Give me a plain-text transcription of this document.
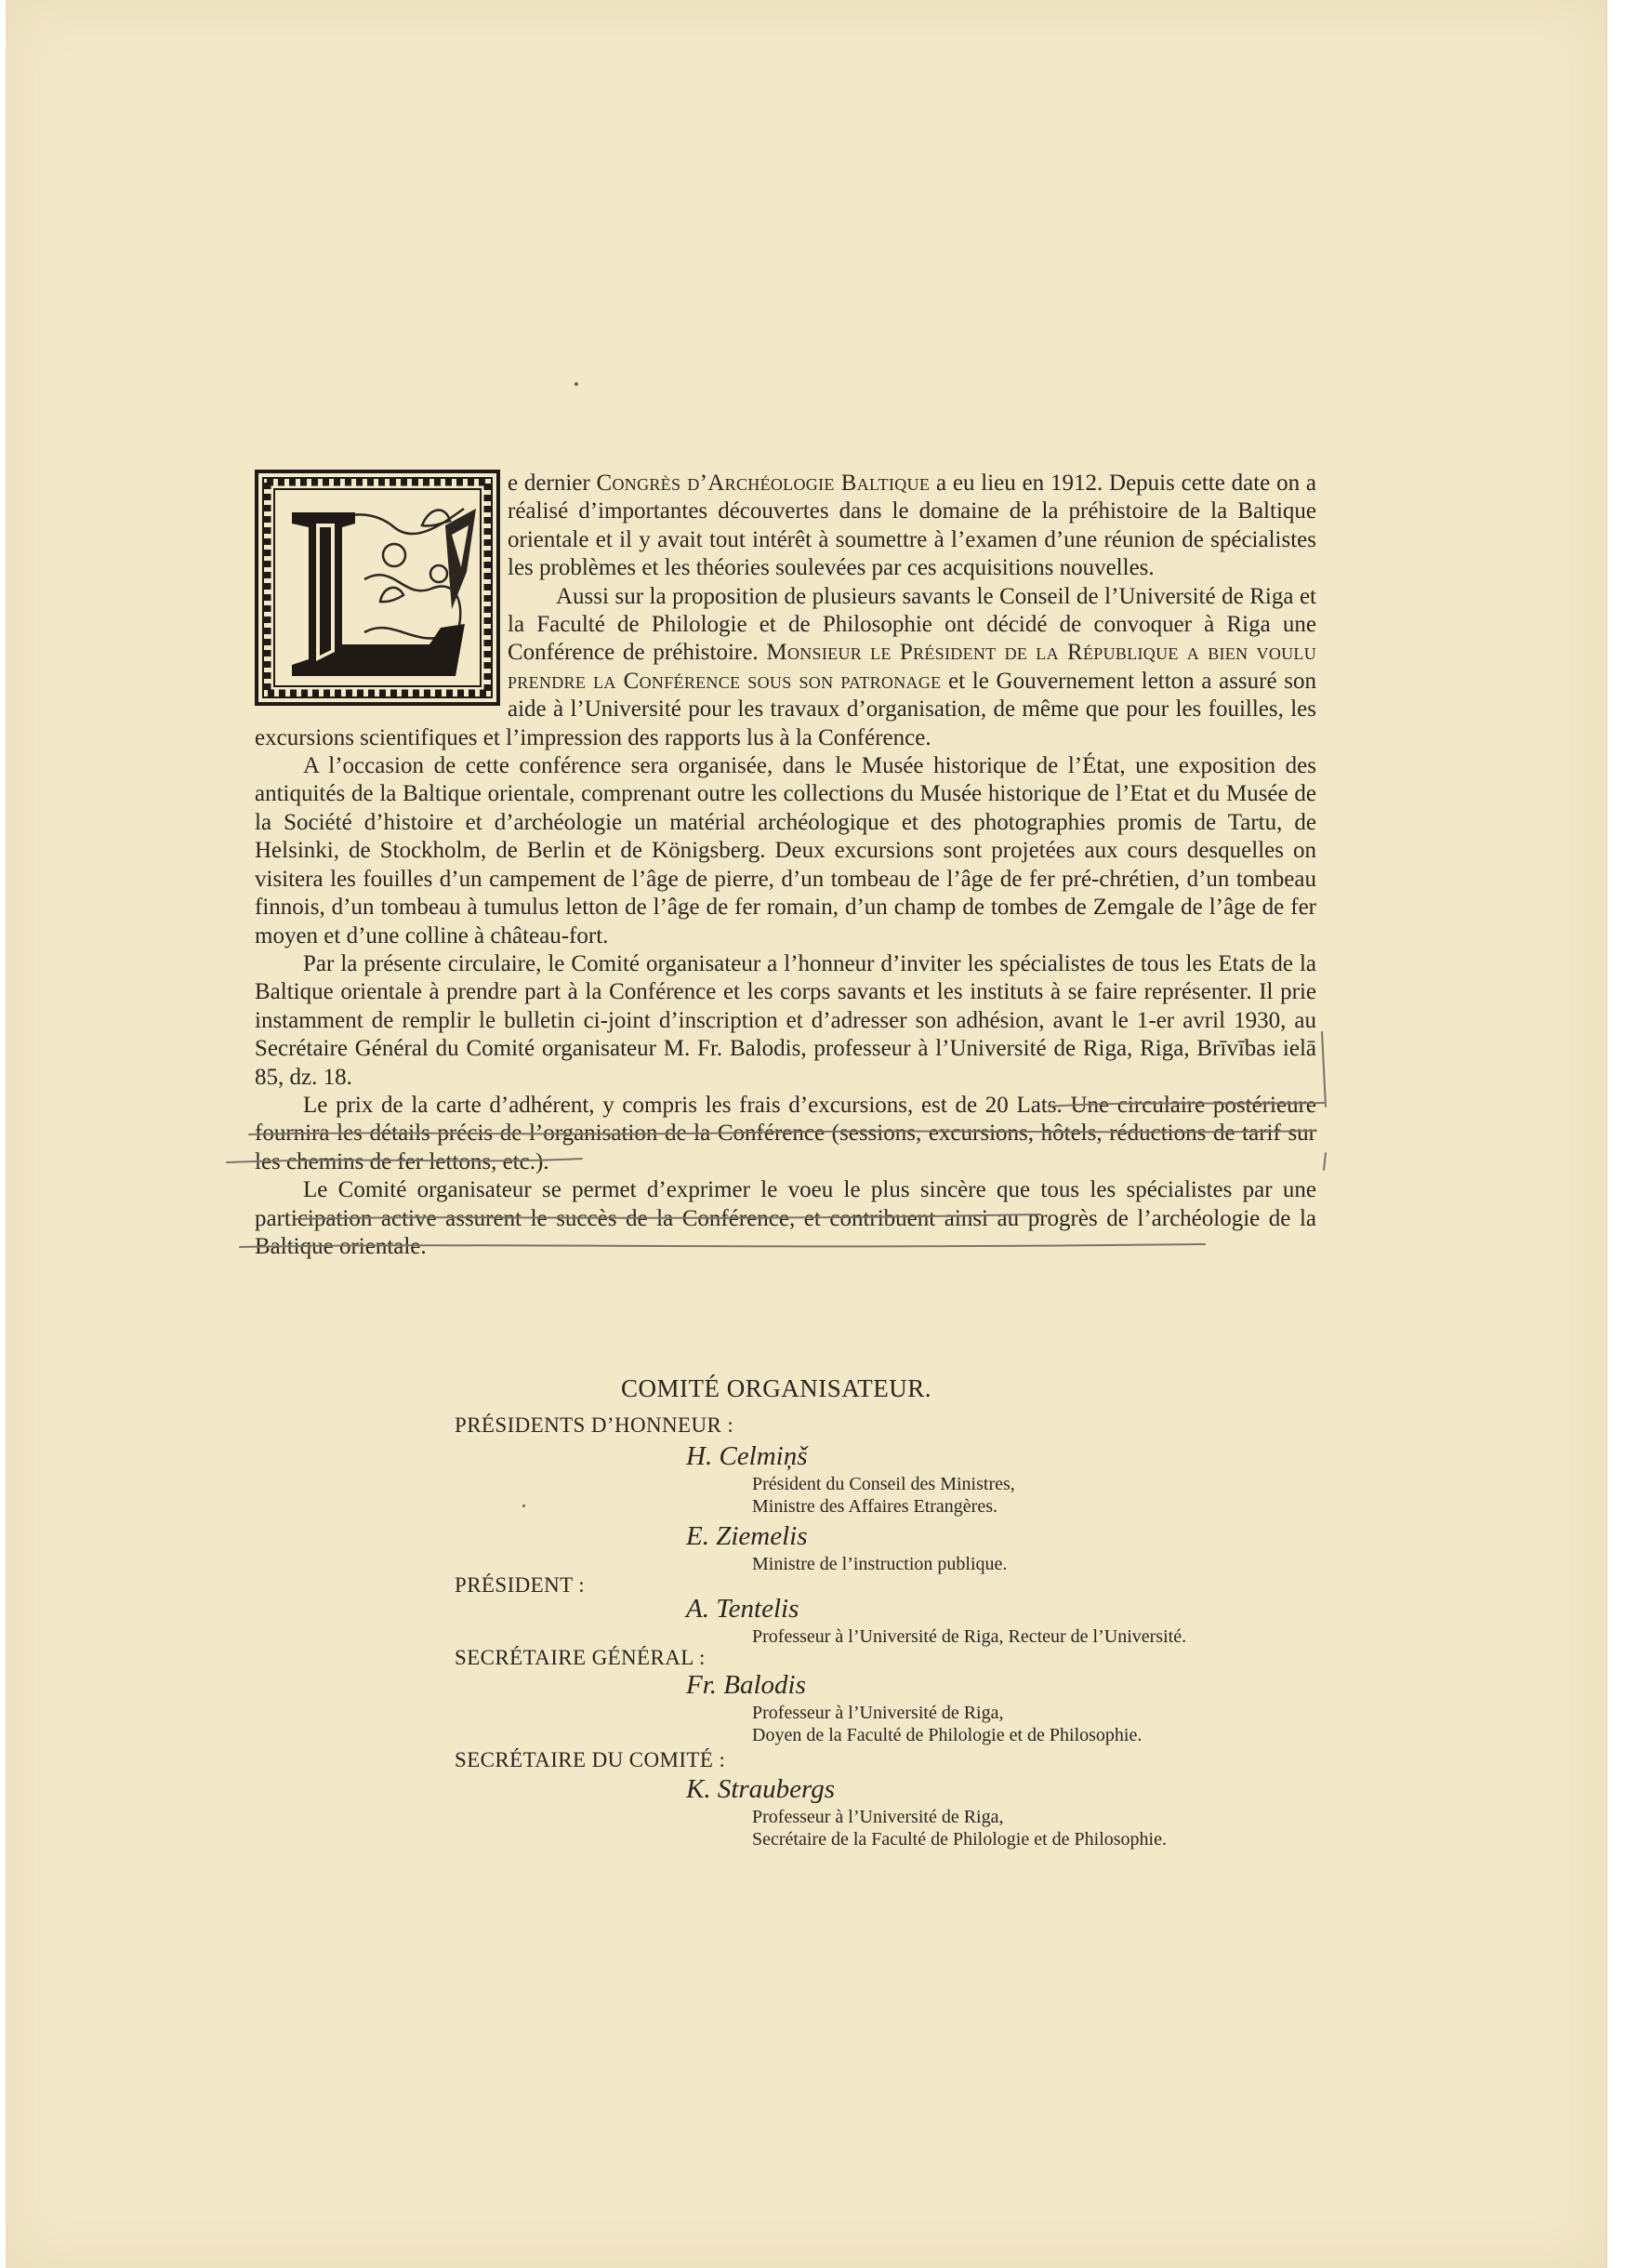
e dernier Congrès d’Archéologie Baltique a eu lieu en 1912. Depuis cette date on a réalisé d’importantes découvertes dans le domaine de la préhistoire de la Baltique orientale et il y avait tout intérêt à soumettre à l’examen d’une réunion de spécialistes les problèmes et les théories soulevées par ces acquisitions nouvelles.

Aussi sur la proposition de plusieurs savants le Conseil de l’Université de Riga et la Faculté de Philologie et de Philosophie ont décidé de convoquer à Riga une Conférence de préhistoire. Monsieur le Président de la République a bien voulu prendre la Conférence sous son patronage et le Gouvernement letton a assuré son aide à l’Université pour les travaux d’organisation, de même que pour les fouilles, les excursions scientifiques et l’impression des rapports lus à la Conférence.

A l’occasion de cette conférence sera organisée, dans le Musée historique de l’État, une exposition des antiquités de la Baltique orientale, comprenant outre les collections du Musée historique de l’Etat et du Musée de la Société d’histoire et d’archéologie un matérial archéologique et des photographies promis de Tartu, de Helsinki, de Stockholm, de Berlin et de Königsberg. Deux excursions sont projetées aux cours desquelles on visitera les fouilles d’un campement de l’âge de pierre, d’un tombeau de l’âge de fer pré-chrétien, d’un tombeau finnois, d’un tombeau à tumulus letton de l’âge de fer romain, d’un champ de tombes de Zemgale de l’âge de fer moyen et d’une colline à château-fort.

Par la présente circulaire, le Comité organisateur a l’honneur d’inviter les spécialistes de tous les Etats de la Baltique orientale à prendre part à la Conférence et les corps savants et les instituts à se faire représenter. Il prie instamment de remplir le bulletin ci-joint d’inscription et d’adresser son adhésion, avant le 1-er avril 1930, au Secrétaire Général du Comité organisateur M. Fr. Balodis, professeur à l’Université de Riga, Riga, Brīvības ielā 85, dz. 18.

Le prix de la carte d’adhérent, y compris les frais d’excursions, est de 20 Lats. Une circulaire postérieure fournira les détails précis de l’organisation de la Conférence (sessions, excursions, hôtels, réductions de tarif sur les chemins de fer lettons, etc.).

Le Comité organisateur se permet d’exprimer le voeu le plus sincère que tous les spécialistes par une participation active assurent le succès de la Conférence, et contribuent ainsi au progrès de l’archéologie de la Baltique orientale.

COMITÉ ORGANISATEUR.
PRÉSIDENTS D’HONNEUR :
H. Celmiņš
Président du Conseil des Ministres,
Ministre des Affaires Etrangères.
E. Ziemelis
Ministre de l’instruction publique.
PRÉSIDENT :
A. Tentelis
Professeur à l’Université de Riga, Recteur de l’Université.
SECRÉTAIRE GÉNÉRAL :
Fr. Balodis
Professeur à l’Université de Riga,
Doyen de la Faculté de Philologie et de Philosophie.
SECRÉTAIRE DU COMITÉ :
K. Straubergs
Professeur à l’Université de Riga,
Secrétaire de la Faculté de Philologie et de Philosophie.
